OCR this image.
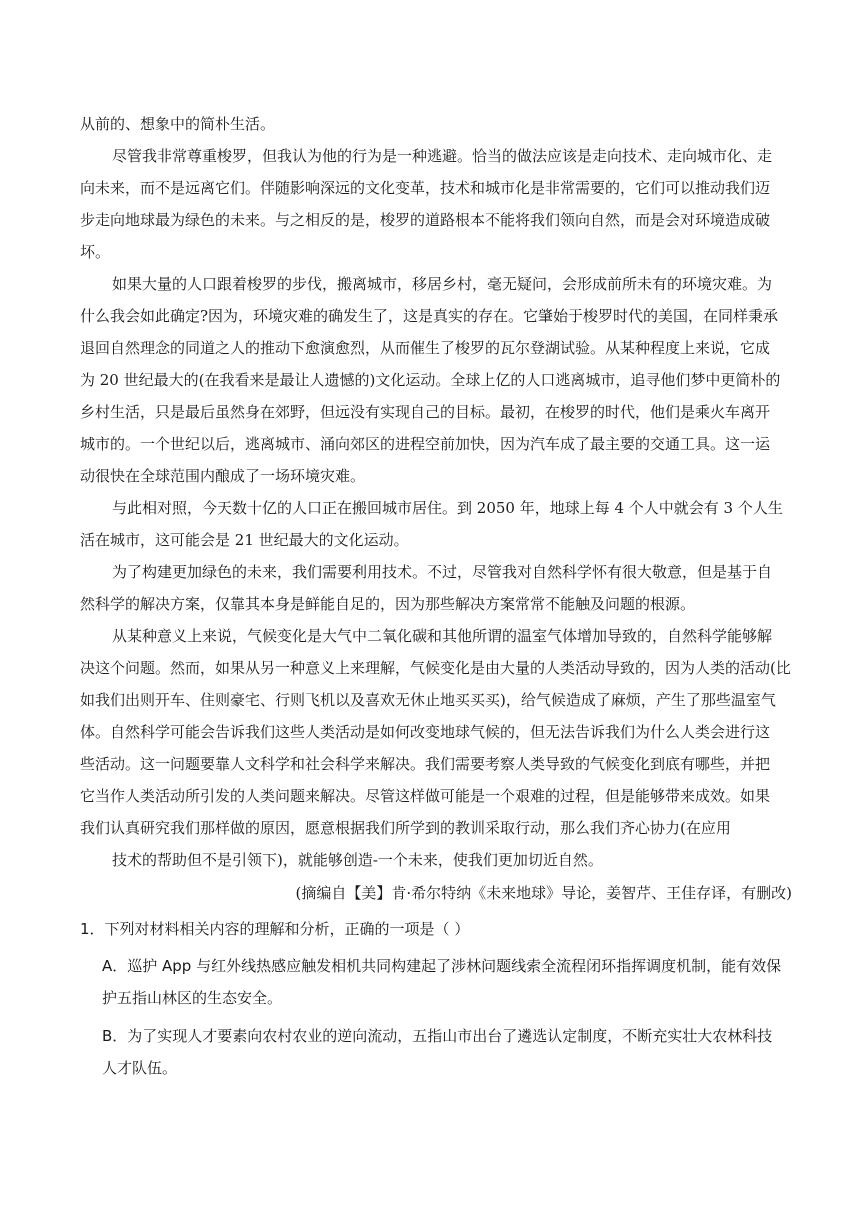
从前的、想象中的简朴生活。
尽管我非常尊重梭罗，但我认为他的行为是一种逃避。恰当的做法应该是走向技术、走向城市化、走
向未来，而不是远离它们。伴随影响深远的文化变革，技术和城市化是非常需要的，它们可以推动我们迈
步走向地球最为绿色的未来。与之相反的是，梭罗的道路根本不能将我们领向自然，而是会对环境造成破
坏。
如果大量的人口跟着梭罗的步伐，搬离城市，移居乡村，毫无疑问，会形成前所未有的环境灾难。为
什么我会如此确定?因为，环境灾难的确发生了，这是真实的存在。它肇始于梭罗时代的美国，在同样秉承
退回自然理念的同道之人的推动下愈演愈烈，从而催生了梭罗的瓦尔登湖试验。从某种程度上来说，它成
为 20 世纪最大的(在我看来是最让人遗憾的)文化运动。全球上亿的人口逃离城市，追寻他们梦中更简朴的
乡村生活，只是最后虽然身在郊野，但远没有实现自己的目标。最初，在梭罗的时代，他们是乘火车离开
城市的。一个世纪以后，逃离城市、涌向郊区的进程空前加快，因为汽车成了最主要的交通工具。这一运
动很快在全球范围内酿成了一场环境灾难。
与此相对照，今天数十亿的人口正在搬回城市居住。到 2050 年，地球上每 4 个人中就会有 3 个人生
活在城市，这可能会是 21 世纪最大的文化运动。
为了构建更加绿色的未来，我们需要利用技术。不过，尽管我对自然科学怀有很大敬意，但是基于自
然科学的解决方案，仅靠其本身是鲜能自足的，因为那些解决方案常常不能触及问题的根源。
从某种意义上来说，气候变化是大气中二氧化碳和其他所谓的温室气体增加导致的，自然科学能够解
决这个问题。然而，如果从另一种意义上来理解，气候变化是由大量的人类活动导致的，因为人类的活动(比
如我们出则开车、住则豪宅、行则飞机以及喜欢无休止地买买买)，给气候造成了麻烦，产生了那些温室气
体。自然科学可能会告诉我们这些人类活动是如何改变地球气候的，但无法告诉我们为什么人类会进行这
些活动。这一问题要靠人文科学和社会科学来解决。我们需要考察人类导致的气候变化到底有哪些，并把
它当作人类活动所引发的人类问题来解决。尽管这样做可能是一个艰难的过程，但是能够带来成效。如果
我们认真研究我们那样做的原因，愿意根据我们所学到的教训采取行动，那么我们齐心协力(在应用
技术的帮助但不是引领下)，就能够创造-一个未来，使我们更加切近自然。
(摘编自【美】肯·希尔特纳《未来地球》导论，姜智芹、王佳存译，有删改)
1．下列对材料相关内容的理解和分析，正确的一项是（ ）
A．巡护 App 与红外线热感应触发相机共同构建起了涉林问题线索全流程闭环指挥调度机制，能有效保
护五指山林区的生态安全。
B．为了实现人才要素向农村农业的逆向流动，五指山市出台了遴选认定制度，不断充实壮大农林科技
人才队伍。
